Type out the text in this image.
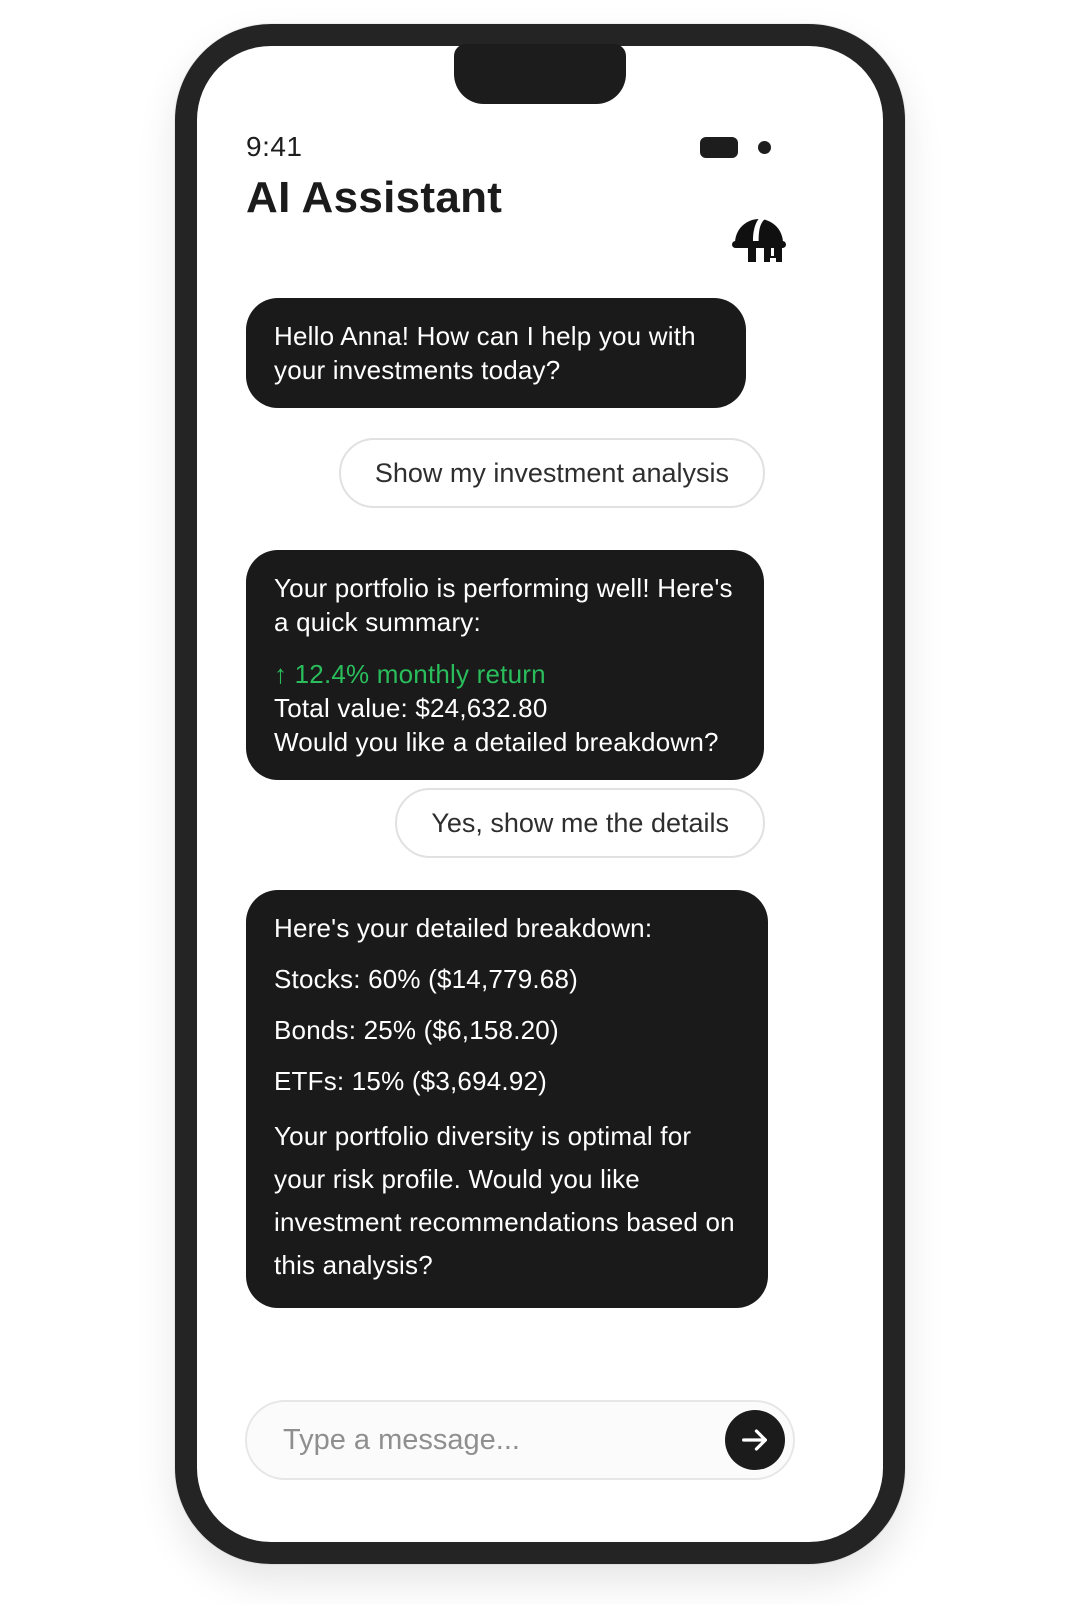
9:41
AI Assistant

Hello Anna! How can I help you with your investments today?

Show my investment analysis

Your portfolio is performing well! Here's a quick summary:

↑ 12.4% monthly return

Total value: $24,632.80

Would you like a detailed breakdown?

Yes, show me the details

Here's your detailed breakdown:

Stocks: 60% ($14,779.68)

Bonds: 25% ($6,158.20)

ETFs: 15% ($3,694.92)

Your portfolio diversity is optimal for your risk profile. Would you like investment recommendations based on this analysis?

Type a message...
